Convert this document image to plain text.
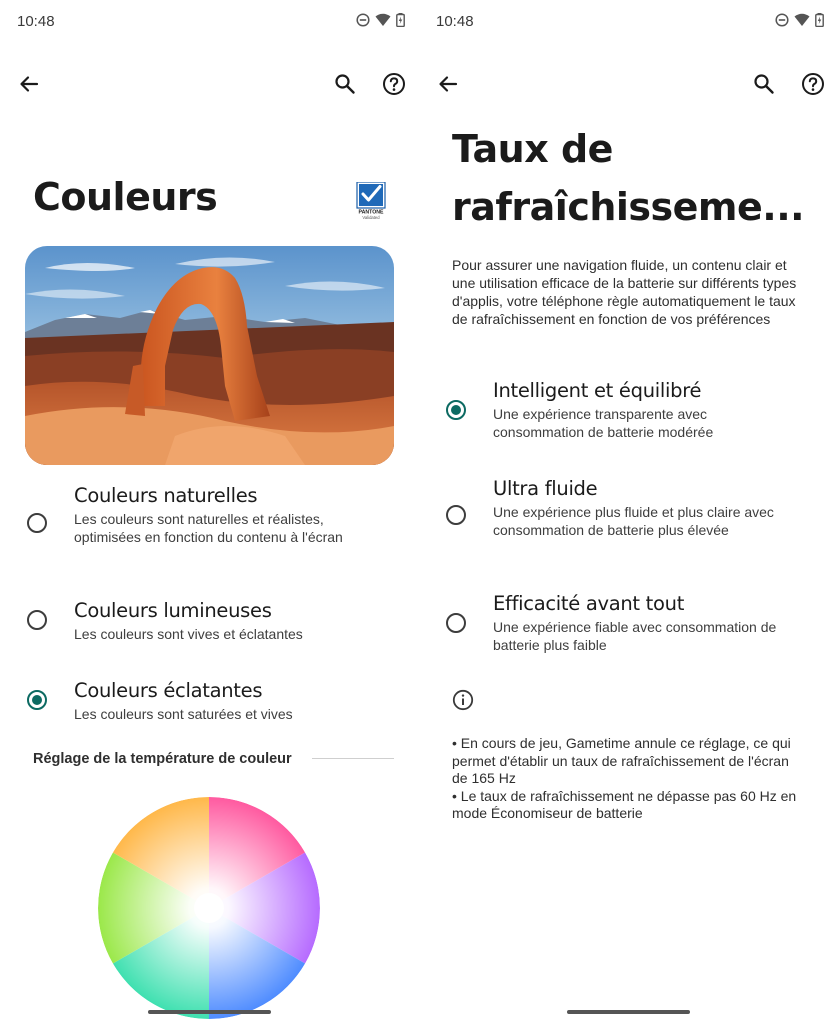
10:48
Couleurs	PANTONE
Validated
Couleurs naturelles
Les couleurs sont naturelles et réalistes, optimisées en fonction du contenu à l'écran
Couleurs lumineuses
Les couleurs sont vives et éclatantes
Couleurs éclatantes
Les couleurs sont saturées et vives
Réglage de la température de couleur
10:48
Taux de
rafraîchisseme...
Pour assurer une navigation fluide, un contenu clair et une utilisation efficace de la batterie sur différents types d'applis, votre téléphone règle automatiquement le taux de rafraîchissement en fonction de vos préférences
Intelligent et équilibré
Une expérience transparente avec consommation de batterie modérée
Ultra fluide
Une expérience plus fluide et plus claire avec consommation de batterie plus élevée
Efficacité avant tout
Une expérience fiable avec consommation de batterie plus faible

• En cours de jeu, Gametime annule ce réglage, ce qui permet d'établir un taux de rafraîchissement de l'écran de 165 Hz

• Le taux de rafraîchissement ne dépasse pas 60 Hz en mode Économiseur de batterie
